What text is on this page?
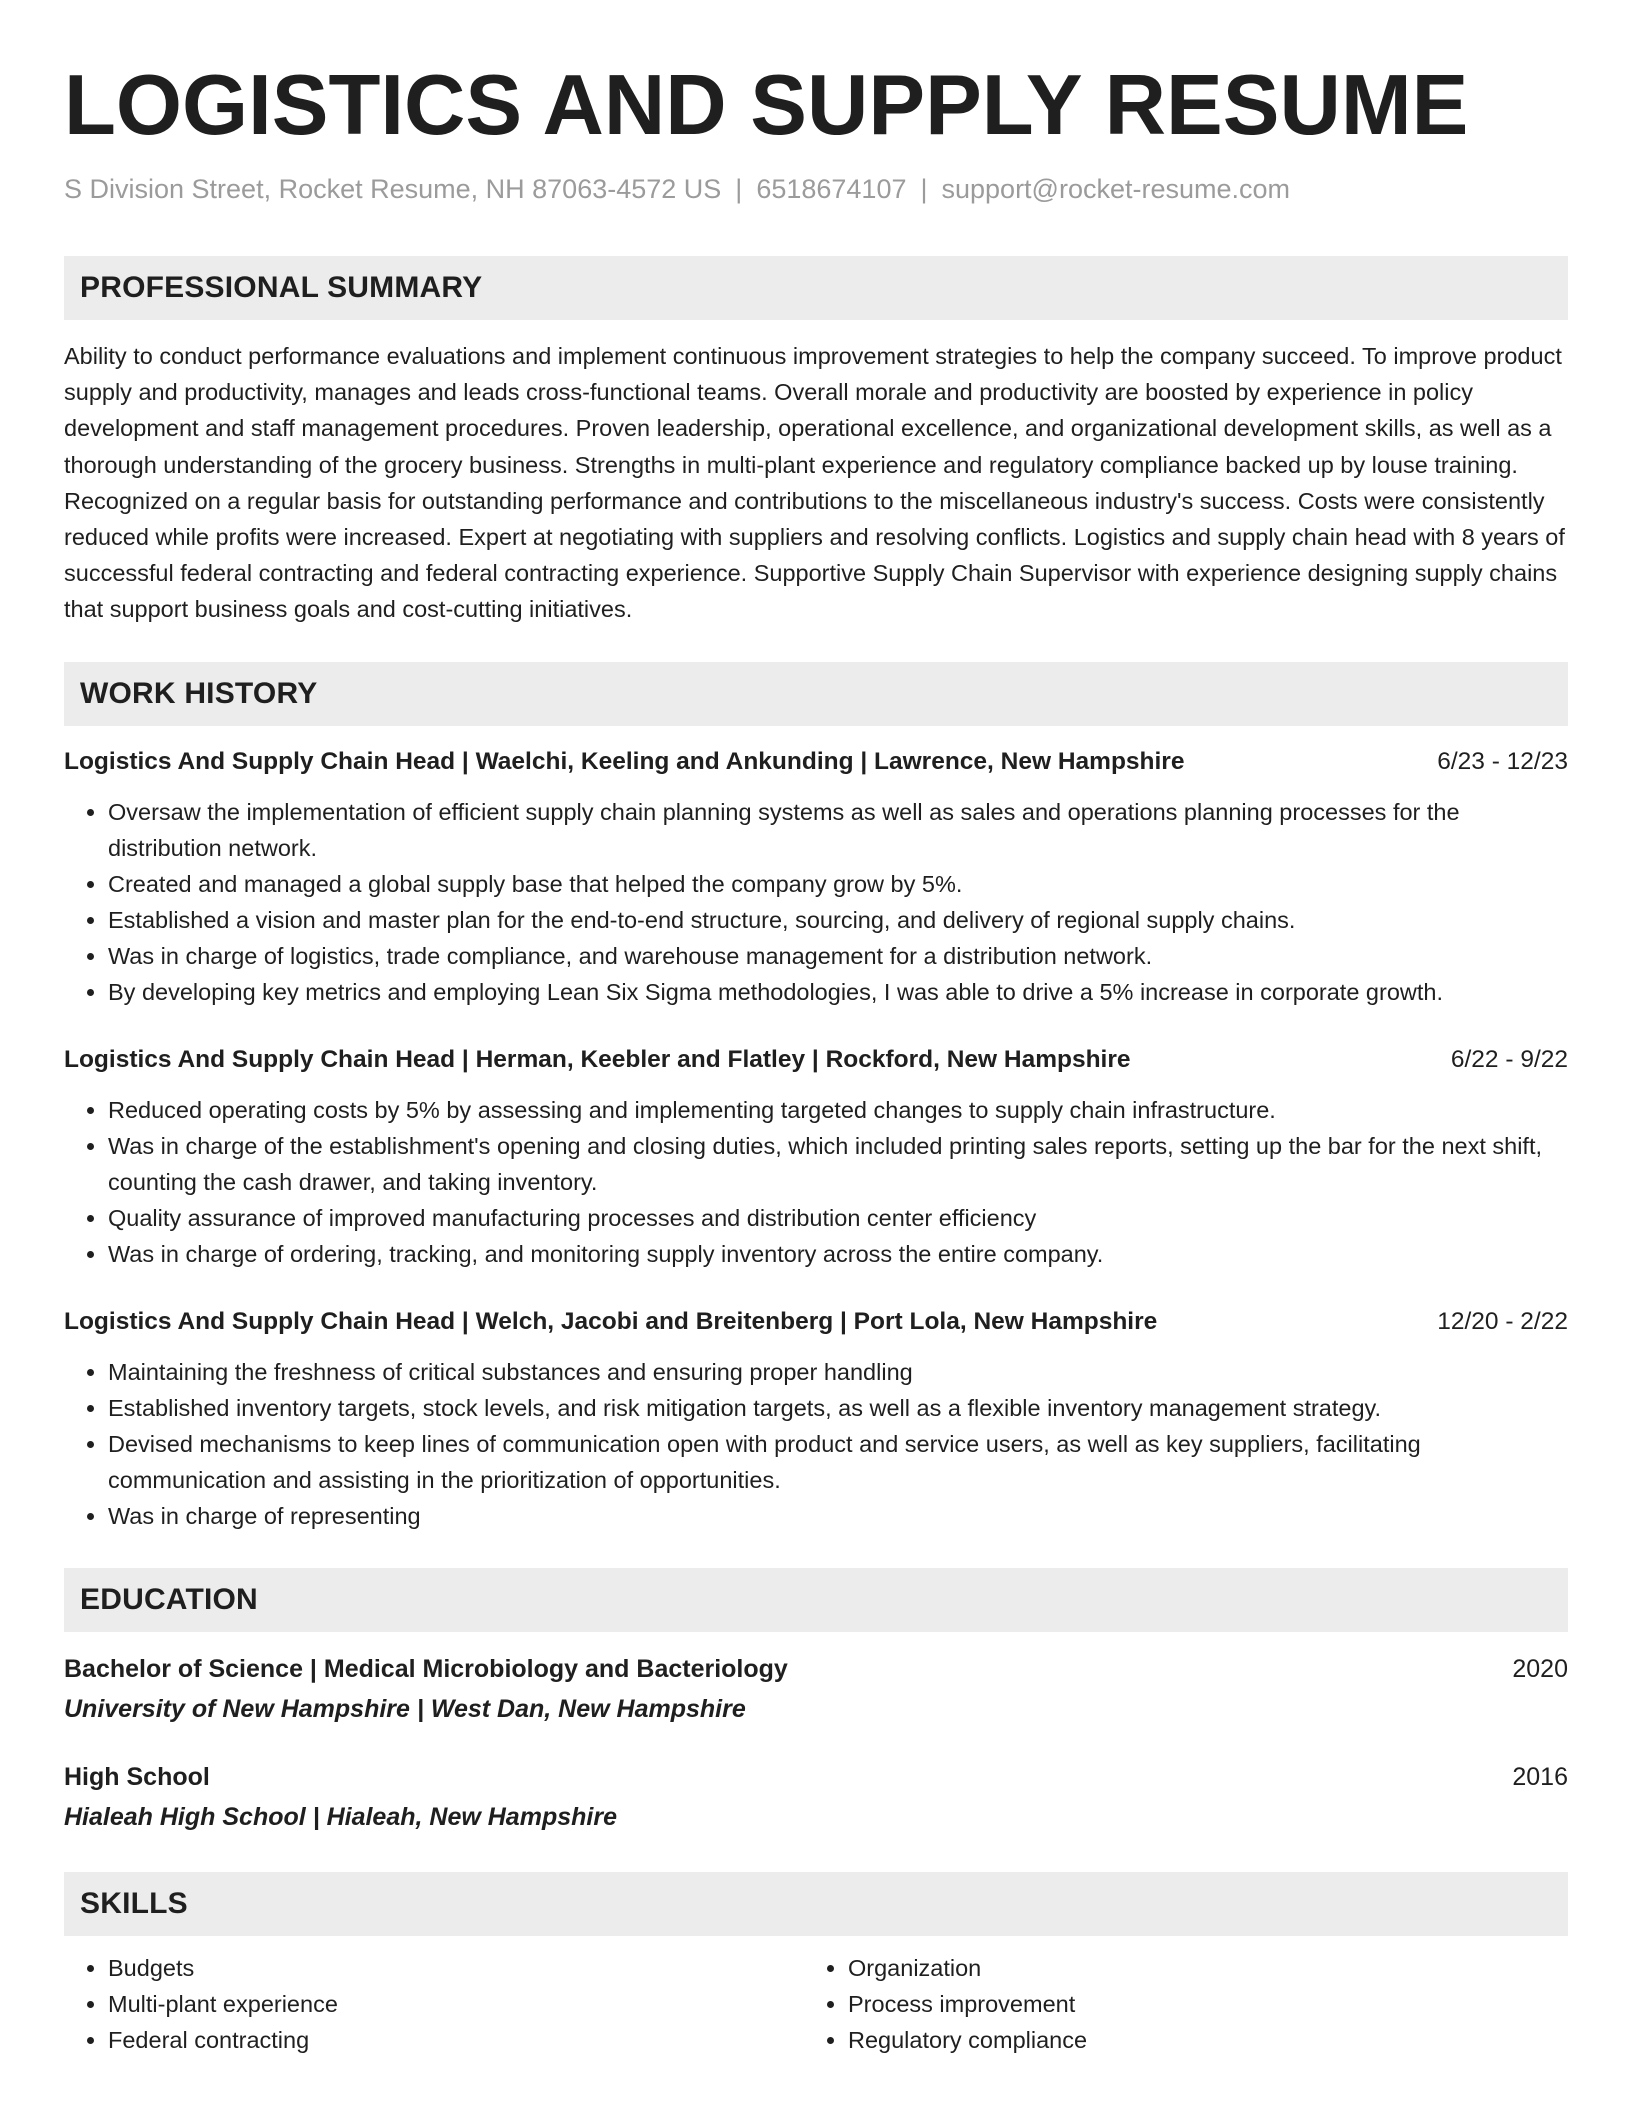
LOGISTICS AND SUPPLY RESUME
S Division Street, Rocket Resume, NH 87063-4572 US | 6518674107 | support@rocket-resume.com
PROFESSIONAL SUMMARY
Ability to conduct performance evaluations and implement continuous improvement strategies to help the company succeed. To improve product supply and productivity, manages and leads cross-functional teams. Overall morale and productivity are boosted by experience in policy development and staff management procedures. Proven leadership, operational excellence, and organizational development skills, as well as a thorough understanding of the grocery business. Strengths in multi-plant experience and regulatory compliance backed up by louse training. Recognized on a regular basis for outstanding performance and contributions to the miscellaneous industry's success. Costs were consistently reduced while profits were increased. Expert at negotiating with suppliers and resolving conflicts. Logistics and supply chain head with 8 years of successful federal contracting and federal contracting experience. Supportive Supply Chain Supervisor with experience designing supply chains that support business goals and cost-cutting initiatives.
WORK HISTORY
Logistics And Supply Chain Head | Waelchi, Keeling and Ankunding | Lawrence, New Hampshire	6/23 - 12/23
• Oversaw the implementation of efficient supply chain planning systems as well as sales and operations planning processes for the distribution network.
• Created and managed a global supply base that helped the company grow by 5%.
• Established a vision and master plan for the end-to-end structure, sourcing, and delivery of regional supply chains.
• Was in charge of logistics, trade compliance, and warehouse management for a distribution network.
• By developing key metrics and employing Lean Six Sigma methodologies, I was able to drive a 5% increase in corporate growth.
Logistics And Supply Chain Head | Herman, Keebler and Flatley | Rockford, New Hampshire	6/22 - 9/22
• Reduced operating costs by 5% by assessing and implementing targeted changes to supply chain infrastructure.
• Was in charge of the establishment's opening and closing duties, which included printing sales reports, setting up the bar for the next shift, counting the cash drawer, and taking inventory.
• Quality assurance of improved manufacturing processes and distribution center efficiency
• Was in charge of ordering, tracking, and monitoring supply inventory across the entire company.
Logistics And Supply Chain Head | Welch, Jacobi and Breitenberg | Port Lola, New Hampshire	12/20 - 2/22
• Maintaining the freshness of critical substances and ensuring proper handling
• Established inventory targets, stock levels, and risk mitigation targets, as well as a flexible inventory management strategy.
• Devised mechanisms to keep lines of communication open with product and service users, as well as key suppliers, facilitating communication and assisting in the prioritization of opportunities.
• Was in charge of representing
EDUCATION
Bachelor of Science | Medical Microbiology and Bacteriology	2020
University of New Hampshire | West Dan, New Hampshire
High School	2016
Hialeah High School | Hialeah, New Hampshire
SKILLS
• Budgets
• Multi-plant experience
• Federal contracting
• Organization
• Process improvement
• Regulatory compliance
